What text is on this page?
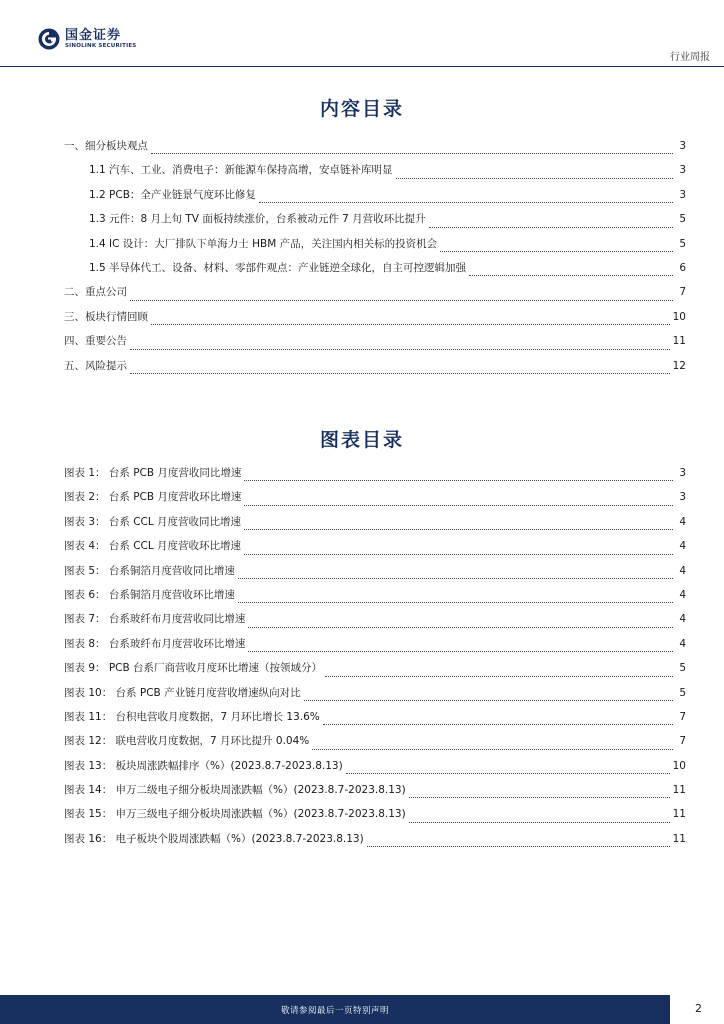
国金证券
SINOLINK SECURITIES
行业周报
内容目录
一、细分板块观点	3
1.1 汽车、工业、消费电子：新能源车保持高增，安卓链补库明显	3
1.2 PCB：全产业链景气度环比修复	3
1.3 元件：8 月上旬 TV 面板持续涨价，台系被动元件 7 月营收环比提升	5
1.4 IC 设计：大厂排队下单海力士 HBM 产品，关注国内相关标的投资机会	5
1.5 半导体代工、设备、材料、零部件观点：产业链逆全球化，自主可控逻辑加强	6
二、重点公司	7
三、板块行情回顾	10
四、重要公告	11
五、风险提示	12
图表目录
图表 1： 台系 PCB 月度营收同比增速	3
图表 2： 台系 PCB 月度营收环比增速	3
图表 3： 台系 CCL 月度营收同比增速	4
图表 4： 台系 CCL 月度营收环比增速	4
图表 5： 台系铜箔月度营收同比增速	4
图表 6： 台系铜箔月度营收环比增速	4
图表 7： 台系玻纤布月度营收同比增速	4
图表 8： 台系玻纤布月度营收环比增速	4
图表 9： PCB 台系厂商营收月度环比增速（按领域分）	5
图表 10： 台系 PCB 产业链月度营收增速纵向对比	5
图表 11： 台积电营收月度数据，7 月环比增长 13.6%	7
图表 12： 联电营收月度数据，7 月环比提升 0.04%	7
图表 13： 板块周涨跌幅排序（%）(2023.8.7-2023.8.13)	10
图表 14： 申万二级电子细分板块周涨跌幅（%）(2023.8.7-2023.8.13)	11
图表 15： 申万三级电子细分板块周涨跌幅（%）(2023.8.7-2023.8.13)	11
图表 16： 电子板块个股周涨跌幅（%）(2023.8.7-2023.8.13)	11
敬请参阅最后一页特别声明	2
